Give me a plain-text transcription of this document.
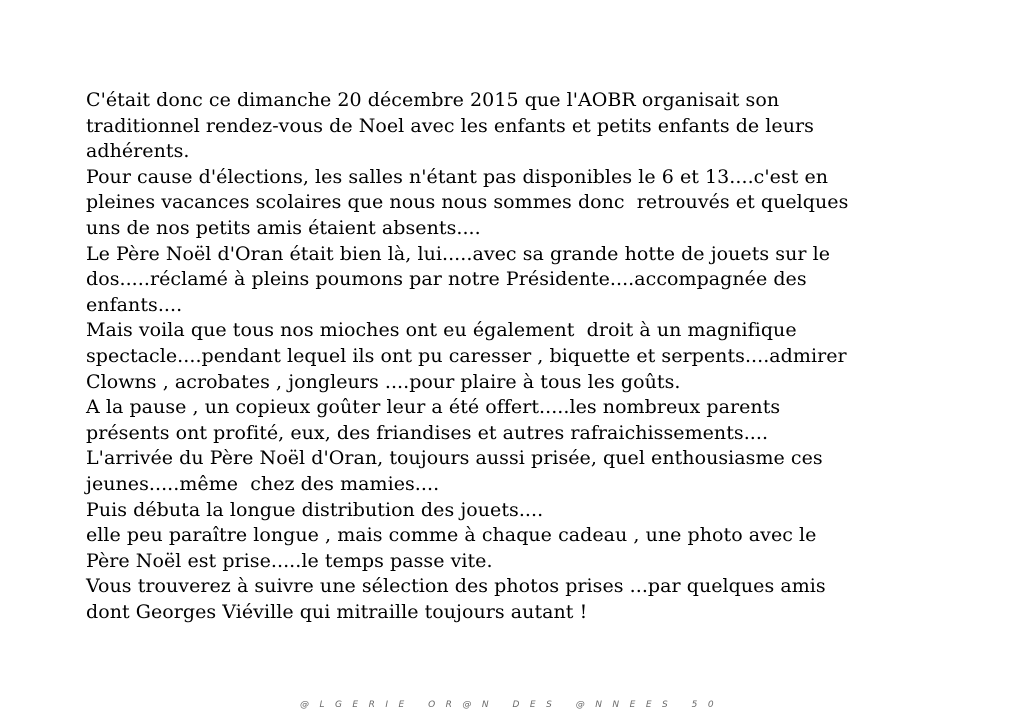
C'était donc ce dimanche 20 décembre 2015 que l'AOBR organisait son
traditionnel rendez-vous de Noel avec les enfants et petits enfants de leurs
adhérents.
Pour cause d'élections, les salles n'étant pas disponibles le 6 et 13....c'est en
pleines vacances scolaires que nous nous sommes donc  retrouvés et quelques
uns de nos petits amis étaient absents....
Le Père Noël d'Oran était bien là, lui.....avec sa grande hotte de jouets sur le
dos.....réclamé à pleins poumons par notre Présidente....accompagnée des
enfants....
Mais voila que tous nos mioches ont eu également  droit à un magnifique
spectacle....pendant lequel ils ont pu caresser , biquette et serpents....admirer
Clowns , acrobates , jongleurs ....pour plaire à tous les goûts.
A la pause , un copieux goûter leur a été offert.....les nombreux parents
présents ont profité, eux, des friandises et autres rafraichissements....
L'arrivée du Père Noël d'Oran, toujours aussi prisée, quel enthousiasme ces
jeunes.....même  chez des mamies....
Puis débuta la longue distribution des jouets....
elle peu paraître longue , mais comme à chaque cadeau , une photo avec le
Père Noël est prise.....le temps passe vite.
Vous trouverez à suivre une sélection des photos prises ...par quelques amis
dont Georges Viéville qui mitraille toujours autant !
@LGERIE OR@N DES @NNEES 50
